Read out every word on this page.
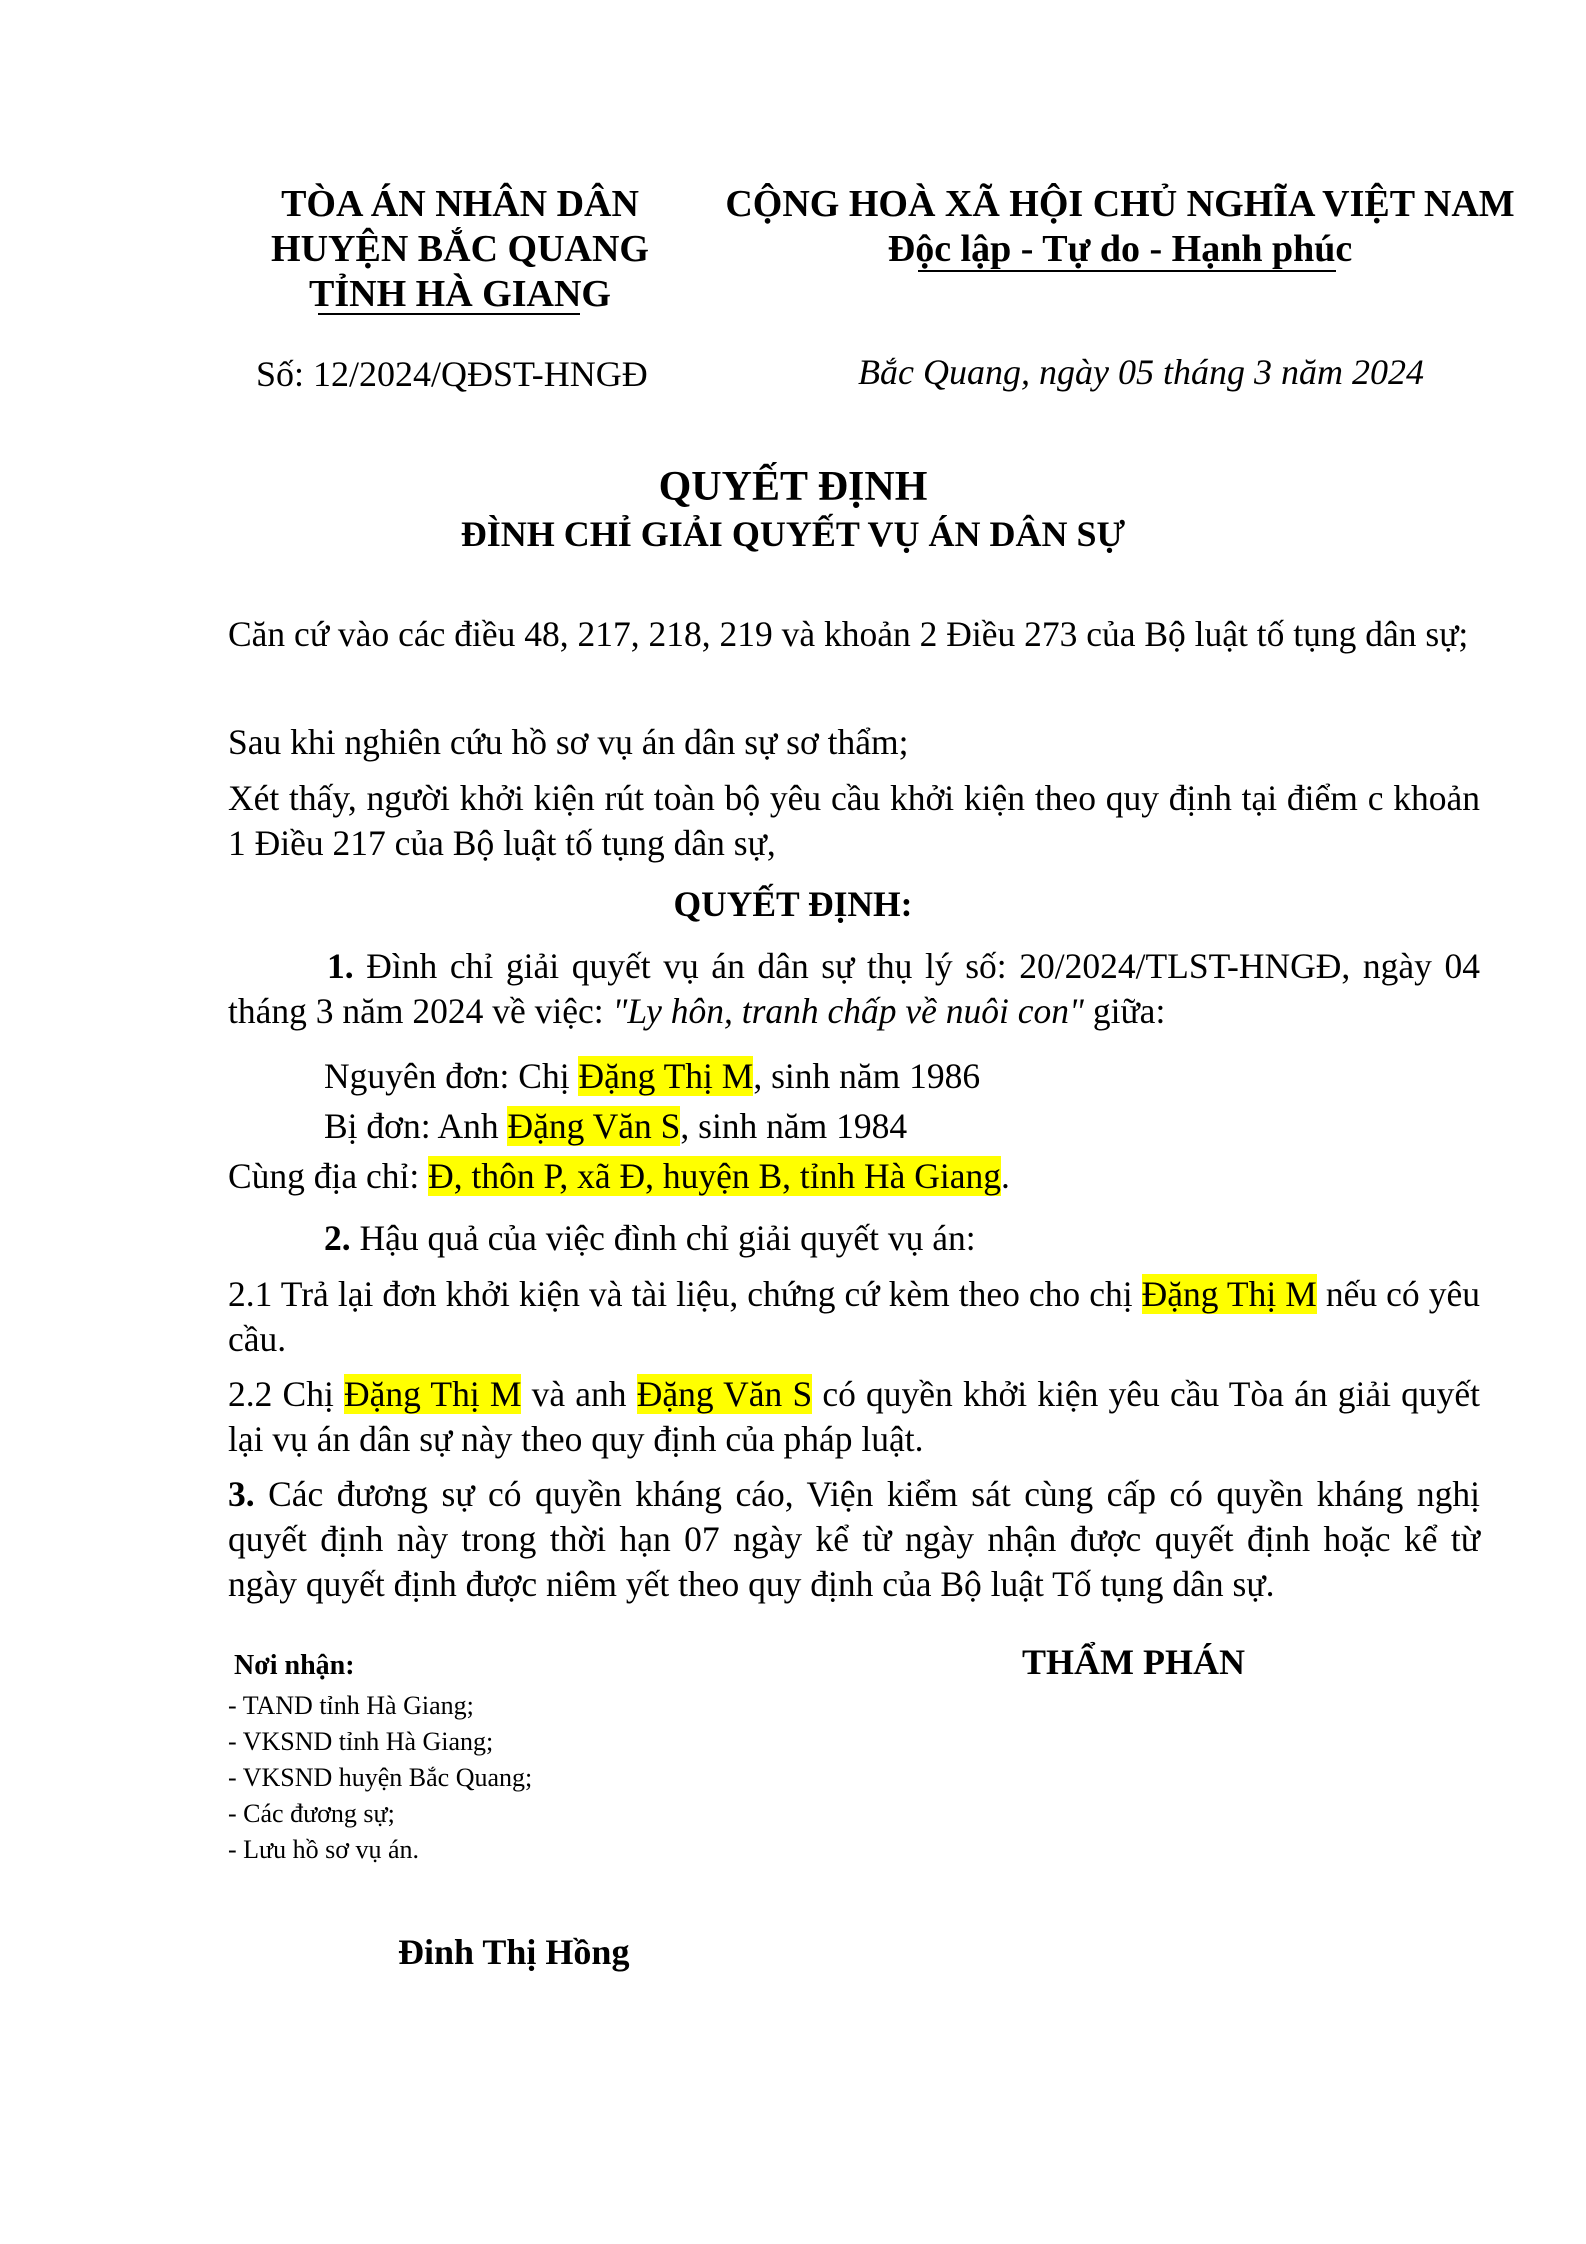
TÒA ÁN NHÂN DÂN
HUYỆN BẮC QUANG
TỈNH HÀ GIANG
CỘNG HOÀ XÃ HỘI CHỦ NGHĨA VIỆT NAM
Độc lập - Tự do - Hạnh phúc
Số: 12/2024/QĐST-HNGĐ	Bắc Quang, ngày 05 tháng 3 năm 2024
QUYẾT ĐỊNH
ĐÌNH CHỈ GIẢI QUYẾT VỤ ÁN DÂN SỰ
Căn cứ vào các điều 48, 217, 218, 219 và khoản 2 Điều 273 của Bộ luật tố tụng dân sự;
Sau khi nghiên cứu hồ sơ vụ án dân sự sơ thẩm;
Xét thấy, người khởi kiện rút toàn bộ yêu cầu khởi kiện theo quy định tại điểm c khoản 1 Điều 217 của Bộ luật tố tụng dân sự,
QUYẾT ĐỊNH:
1. Đình chỉ giải quyết vụ án dân sự thụ lý số: 20/2024/TLST-HNGĐ, ngày 04 tháng 3 năm 2024 về việc: "Ly hôn, tranh chấp về nuôi con" giữa:
Nguyên đơn: Chị Đặng Thị M, sinh năm 1986
Bị đơn: Anh Đặng Văn S, sinh năm 1984
Cùng địa chỉ: Đ, thôn P, xã Đ, huyện B, tỉnh Hà Giang.
2. Hậu quả của việc đình chỉ giải quyết vụ án:
2.1 Trả lại đơn khởi kiện và tài liệu, chứng cứ kèm theo cho chị Đặng Thị M nếu có yêu cầu.
2.2 Chị Đặng Thị M và anh Đặng Văn S có quyền khởi kiện yêu cầu Tòa án giải quyết lại vụ án dân sự này theo quy định của pháp luật.
3. Các đương sự có quyền kháng cáo, Viện kiểm sát cùng cấp có quyền kháng nghị quyết định này trong thời hạn 07 ngày kể từ ngày nhận được quyết định hoặc kể từ ngày quyết định được niêm yết theo quy định của Bộ luật Tố tụng dân sự.
Nơi nhận:
- TAND tỉnh Hà Giang;
- VKSND tỉnh Hà Giang;
- VKSND huyện Bắc Quang;
- Các đương sự;
- Lưu hồ sơ vụ án.
THẨM PHÁN
Đinh Thị Hồng
